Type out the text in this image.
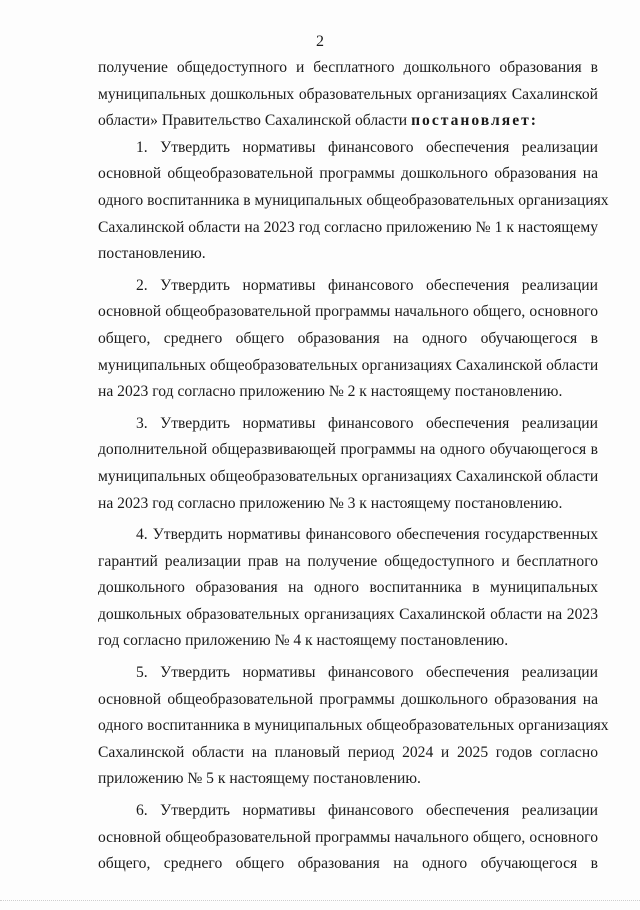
2
получение общедоступного и бесплатного дошкольного образования в
муниципальных дошкольных образовательных организациях Сахалинской
области» Правительство Сахалинской области постановляет:
1. Утвердить нормативы финансового обеспечения реализации
основной общеобразовательной программы дошкольного образования на
одного воспитанника в муниципальных общеобразовательных организациях
Сахалинской области на 2023 год согласно приложению № 1 к настоящему
постановлению.
2. Утвердить нормативы финансового обеспечения реализации
основной общеобразовательной программы начального общего, основного
общего, среднего общего образования на одного обучающегося в
муниципальных общеобразовательных организациях Сахалинской области
на 2023 год согласно приложению № 2 к настоящему постановлению.
3. Утвердить нормативы финансового обеспечения реализации
дополнительной общеразвивающей программы на одного обучающегося в
муниципальных общеобразовательных организациях Сахалинской области
на 2023 год согласно приложению № 3 к настоящему постановлению.
4. Утвердить нормативы финансового обеспечения государственных
гарантий реализации прав на получение общедоступного и бесплатного
дошкольного образования на одного воспитанника в муниципальных
дошкольных образовательных организациях Сахалинской области на 2023
год согласно приложению № 4 к настоящему постановлению.
5. Утвердить нормативы финансового обеспечения реализации
основной общеобразовательной программы дошкольного образования на
одного воспитанника в муниципальных общеобразовательных организациях
Сахалинской области на плановый период 2024 и 2025 годов согласно
приложению № 5 к настоящему постановлению.
6. Утвердить нормативы финансового обеспечения реализации
основной общеобразовательной программы начального общего, основного
общего, среднего общего образования на одного обучающегося в
